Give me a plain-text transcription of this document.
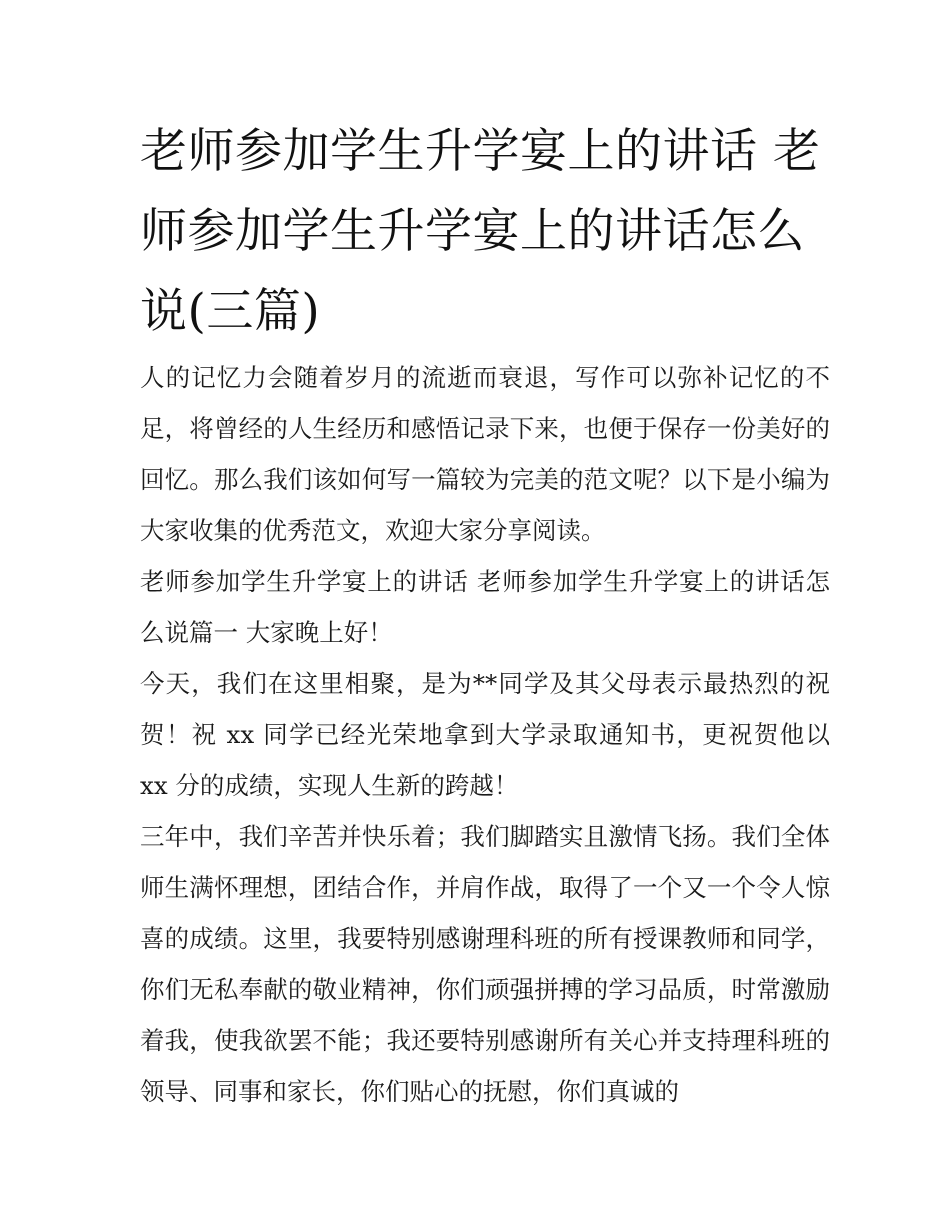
老师参加学生升学宴上的讲话 老师参加学生升学宴上的讲话怎么说(三篇)

人的记忆力会随着岁月的流逝而衰退，写作可以弥补记忆的不足，将曾经的人生经历和感悟记录下来，也便于保存一份美好的回忆。那么我们该如何写一篇较为完美的范文呢？以下是小编为大家收集的优秀范文，欢迎大家分享阅读。

老师参加学生升学宴上的讲话 老师参加学生升学宴上的讲话怎么说篇一 大家晚上好！

今天，我们在这里相聚，是为**同学及其父母表示最热烈的祝贺！祝 xx 同学已经光荣地拿到大学录取通知书，更祝贺他以 xx 分的成绩，实现人生新的跨越！

三年中，我们辛苦并快乐着；我们脚踏实且激情飞扬。我们全体师生满怀理想，团结合作，并肩作战，取得了一个又一个令人惊喜的成绩。这里，我要特别感谢理科班的所有授课教师和同学，你们无私奉献的敬业精神，你们顽强拼搏的学习品质，时常激励着我，使我欲罢不能；我还要特别感谢所有关心并支持理科班的领导、同事和家长，你们贴心的抚慰，你们真诚的
